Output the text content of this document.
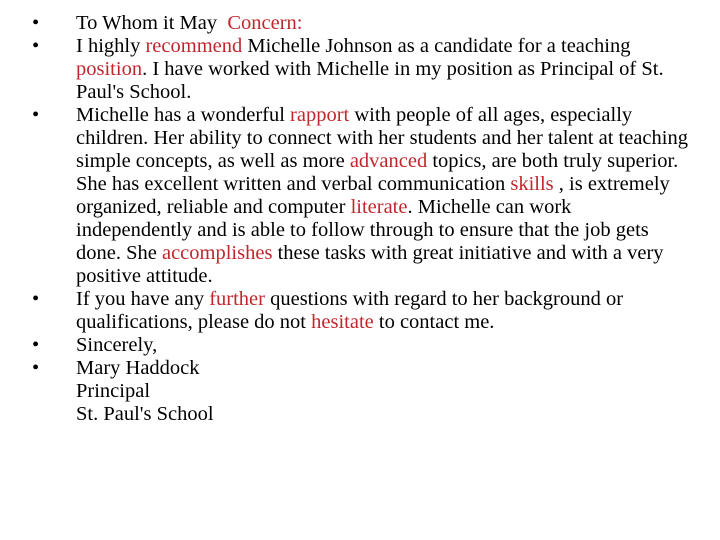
•	To Whom it May  Concern:
•	I highly recommend Michelle Johnson as a candidate for a teaching position. I have worked with Michelle in my position as Principal of St. Paul's School.
•	Michelle has a wonderful rapport with people of all ages, especially children. Her ability to connect with her students and her talent at teaching simple concepts, as well as more advanced topics, are both truly superior. She has excellent written and verbal communication skills , is extremely organized, reliable and computer literate. Michelle can work independently and is able to follow through to ensure that the job gets done. She accomplishes these tasks with great initiative and with a very positive attitude.
•	If you have any further questions with regard to her background or qualifications, please do not hesitate to contact me.
•	Sincerely,
•	Mary Haddock
Principal
St. Paul's School
